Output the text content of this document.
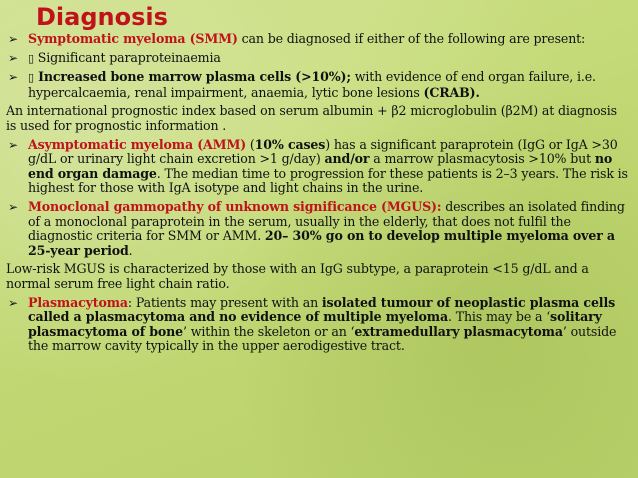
Diagnosis
➢ Symptomatic myeloma (SMM) can be diagnosed if either of the following are present:
➢ ▯ Significant paraproteinaemia
➢ ▯ Increased bone marrow plasma cells (>10%); with evidence of end organ failure, i.e. hypercalcaemia, renal impairment, anaemia, lytic bone lesions (CRAB).
An international prognostic index based on serum albumin + β2 microglobulin (β2M) at diagnosis is used for prognostic information .
➢ Asymptomatic myeloma (AMM) (10% cases) has a significant paraprotein (IgG or IgA >30 g/dL or urinary light chain excretion >1 g/day) and/or a marrow plasmacytosis >10% but no end organ damage. The median time to progression for these patients is 2–3 years. The risk is highest for those with IgA isotype and light chains in the urine.
➢ Monoclonal gammopathy of unknown significance (MGUS): describes an isolated finding of a monoclonal paraprotein in the serum, usually in the elderly, that does not fulfil the diagnostic criteria for SMM or AMM. 20– 30% go on to develop multiple myeloma over a 25-year period.
Low-risk MGUS is characterized by those with an IgG subtype, a paraprotein <15 g/dL and a normal serum free light chain ratio.
➢ Plasmacytoma: Patients may present with an isolated tumour of neoplastic plasma cells called a plasmacytoma and no evidence of multiple myeloma. This may be a ‘solitary plasmacytoma of bone’ within the skeleton or an ‘extramedullary plasmacytoma’ outside the marrow cavity typically in the upper aerodigestive tract.
